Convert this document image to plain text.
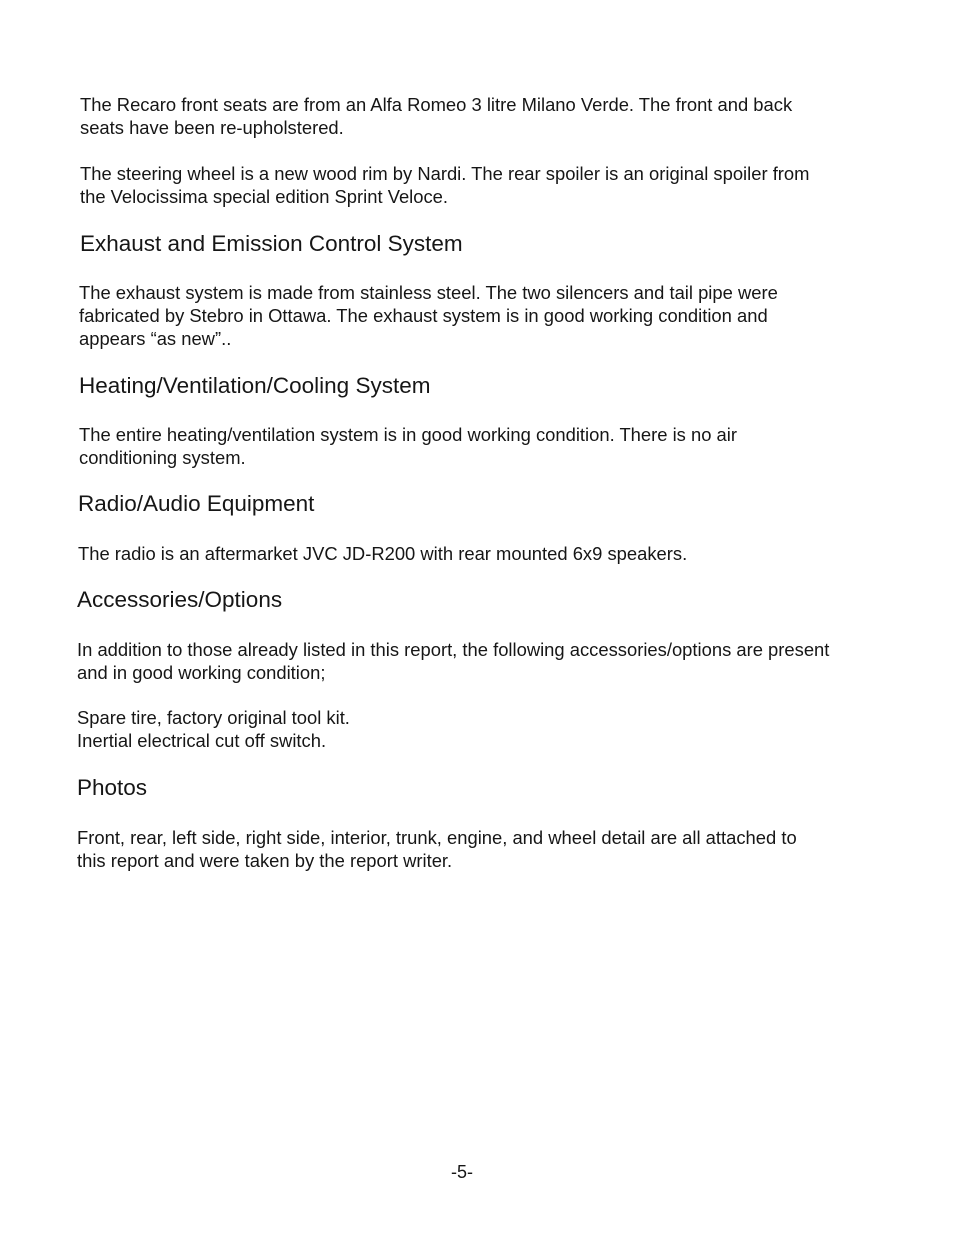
The Recaro front seats are from an Alfa Romeo 3 litre Milano Verde. The front and back
seats have been re-upholstered.

The steering wheel is a new wood rim by Nardi. The rear spoiler is an original spoiler from
the Velocissima special edition Sprint Veloce.

Exhaust and Emission Control System

The exhaust system is made from stainless steel. The two silencers and tail pipe were
fabricated by Stebro in Ottawa. The exhaust system is in good working condition and
appears “as new”..

Heating/Ventilation/Cooling System

The entire heating/ventilation system is in good working condition. There is no air
conditioning system.

Radio/Audio Equipment

The radio is an aftermarket JVC JD-R200 with rear mounted 6x9 speakers.

Accessories/Options

In addition to those already listed in this report, the following accessories/options are present
and in good working condition;

Spare tire, factory original tool kit.
Inertial electrical cut off switch.

Photos

Front, rear, left side, right side, interior, trunk, engine, and wheel detail are all attached to
this report and were taken by the report writer.

-5-
